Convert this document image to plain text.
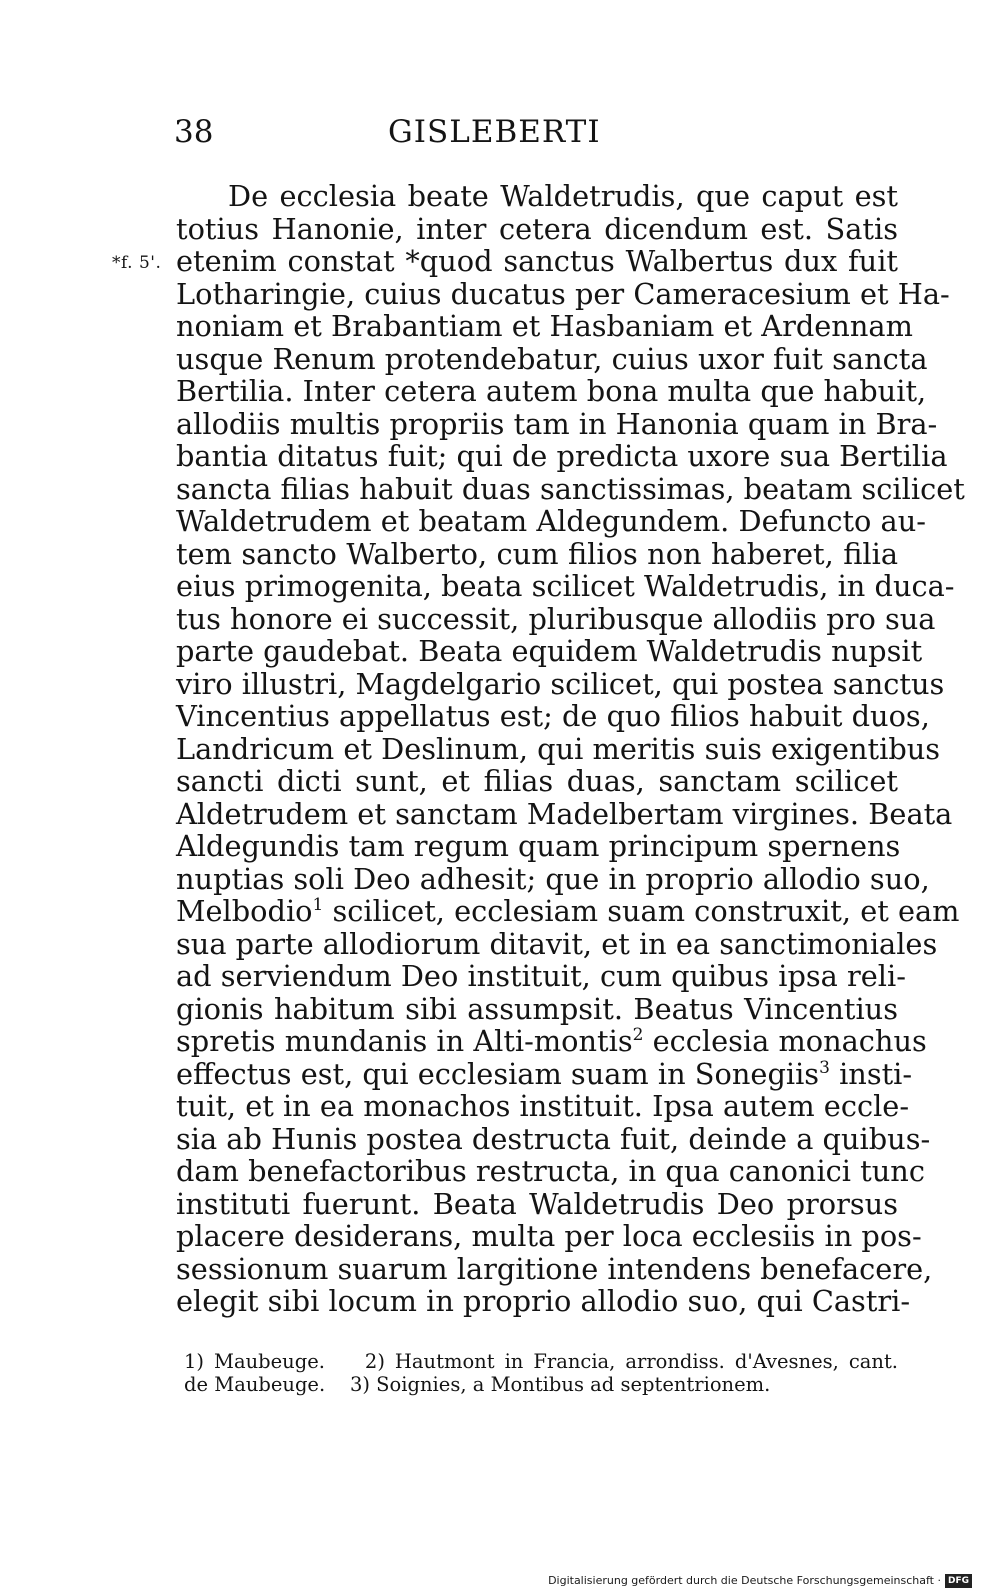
38	GISLEBERTI
*f. 5'.
De ecclesia beate Waldetrudis, que caput est
totius Hanonie, inter cetera dicendum est. Satis
etenim constat *quod sanctus Walbertus dux fuit
Lotharingie, cuius ducatus per Cameracesium et Ha-
noniam et Brabantiam et Hasbaniam et Ardennam
usque Renum protendebatur, cuius uxor fuit sancta
Bertilia. Inter cetera autem bona multa que habuit,
allodiis multis propriis tam in Hanonia quam in Bra-
bantia ditatus fuit; qui de predicta uxore sua Bertilia
sancta filias habuit duas sanctissimas, beatam scilicet
Waldetrudem et beatam Aldegundem. Defuncto au-
tem sancto Walberto, cum filios non haberet, filia
eius primogenita, beata scilicet Waldetrudis, in duca-
tus honore ei successit, pluribusque allodiis pro sua
parte gaudebat. Beata equidem Waldetrudis nupsit
viro illustri, Magdelgario scilicet, qui postea sanctus
Vincentius appellatus est; de quo filios habuit duos,
Landricum et Deslinum, qui meritis suis exigentibus
sancti dicti sunt, et filias duas, sanctam scilicet
Aldetrudem et sanctam Madelbertam virgines. Beata
Aldegundis tam regum quam principum spernens
nuptias soli Deo adhesit; que in proprio allodio suo,
Melbodio$^1$ scilicet, ecclesiam suam construxit, et eam
sua parte allodiorum ditavit, et in ea sanctimoniales
ad serviendum Deo instituit, cum quibus ipsa reli-
gionis habitum sibi assumpsit. Beatus Vincentius
spretis mundanis in Alti-montis$^2$ ecclesia monachus
effectus est, qui ecclesiam suam in Sonegiis$^3$ insti-
tuit, et in ea monachos instituit. Ipsa autem eccle-
sia ab Hunis postea destructa fuit, deinde a quibus-
dam benefactoribus restructa, in qua canonici tunc
instituti fuerunt. Beata Waldetrudis Deo prorsus
placere desiderans, multa per loca ecclesiis in pos-
sessionum suarum largitione intendens benefacere,
elegit sibi locum in proprio allodio suo, qui Castri-
1) Maubeuge.    2) Hautmont in Francia, arrondiss. d'Avesnes, cant.
de Maubeuge.    3) Soignies, a Montibus ad septentrionem.
Digitalisierung gefördert durch die Deutsche Forschungsgemeinschaft · DFG
